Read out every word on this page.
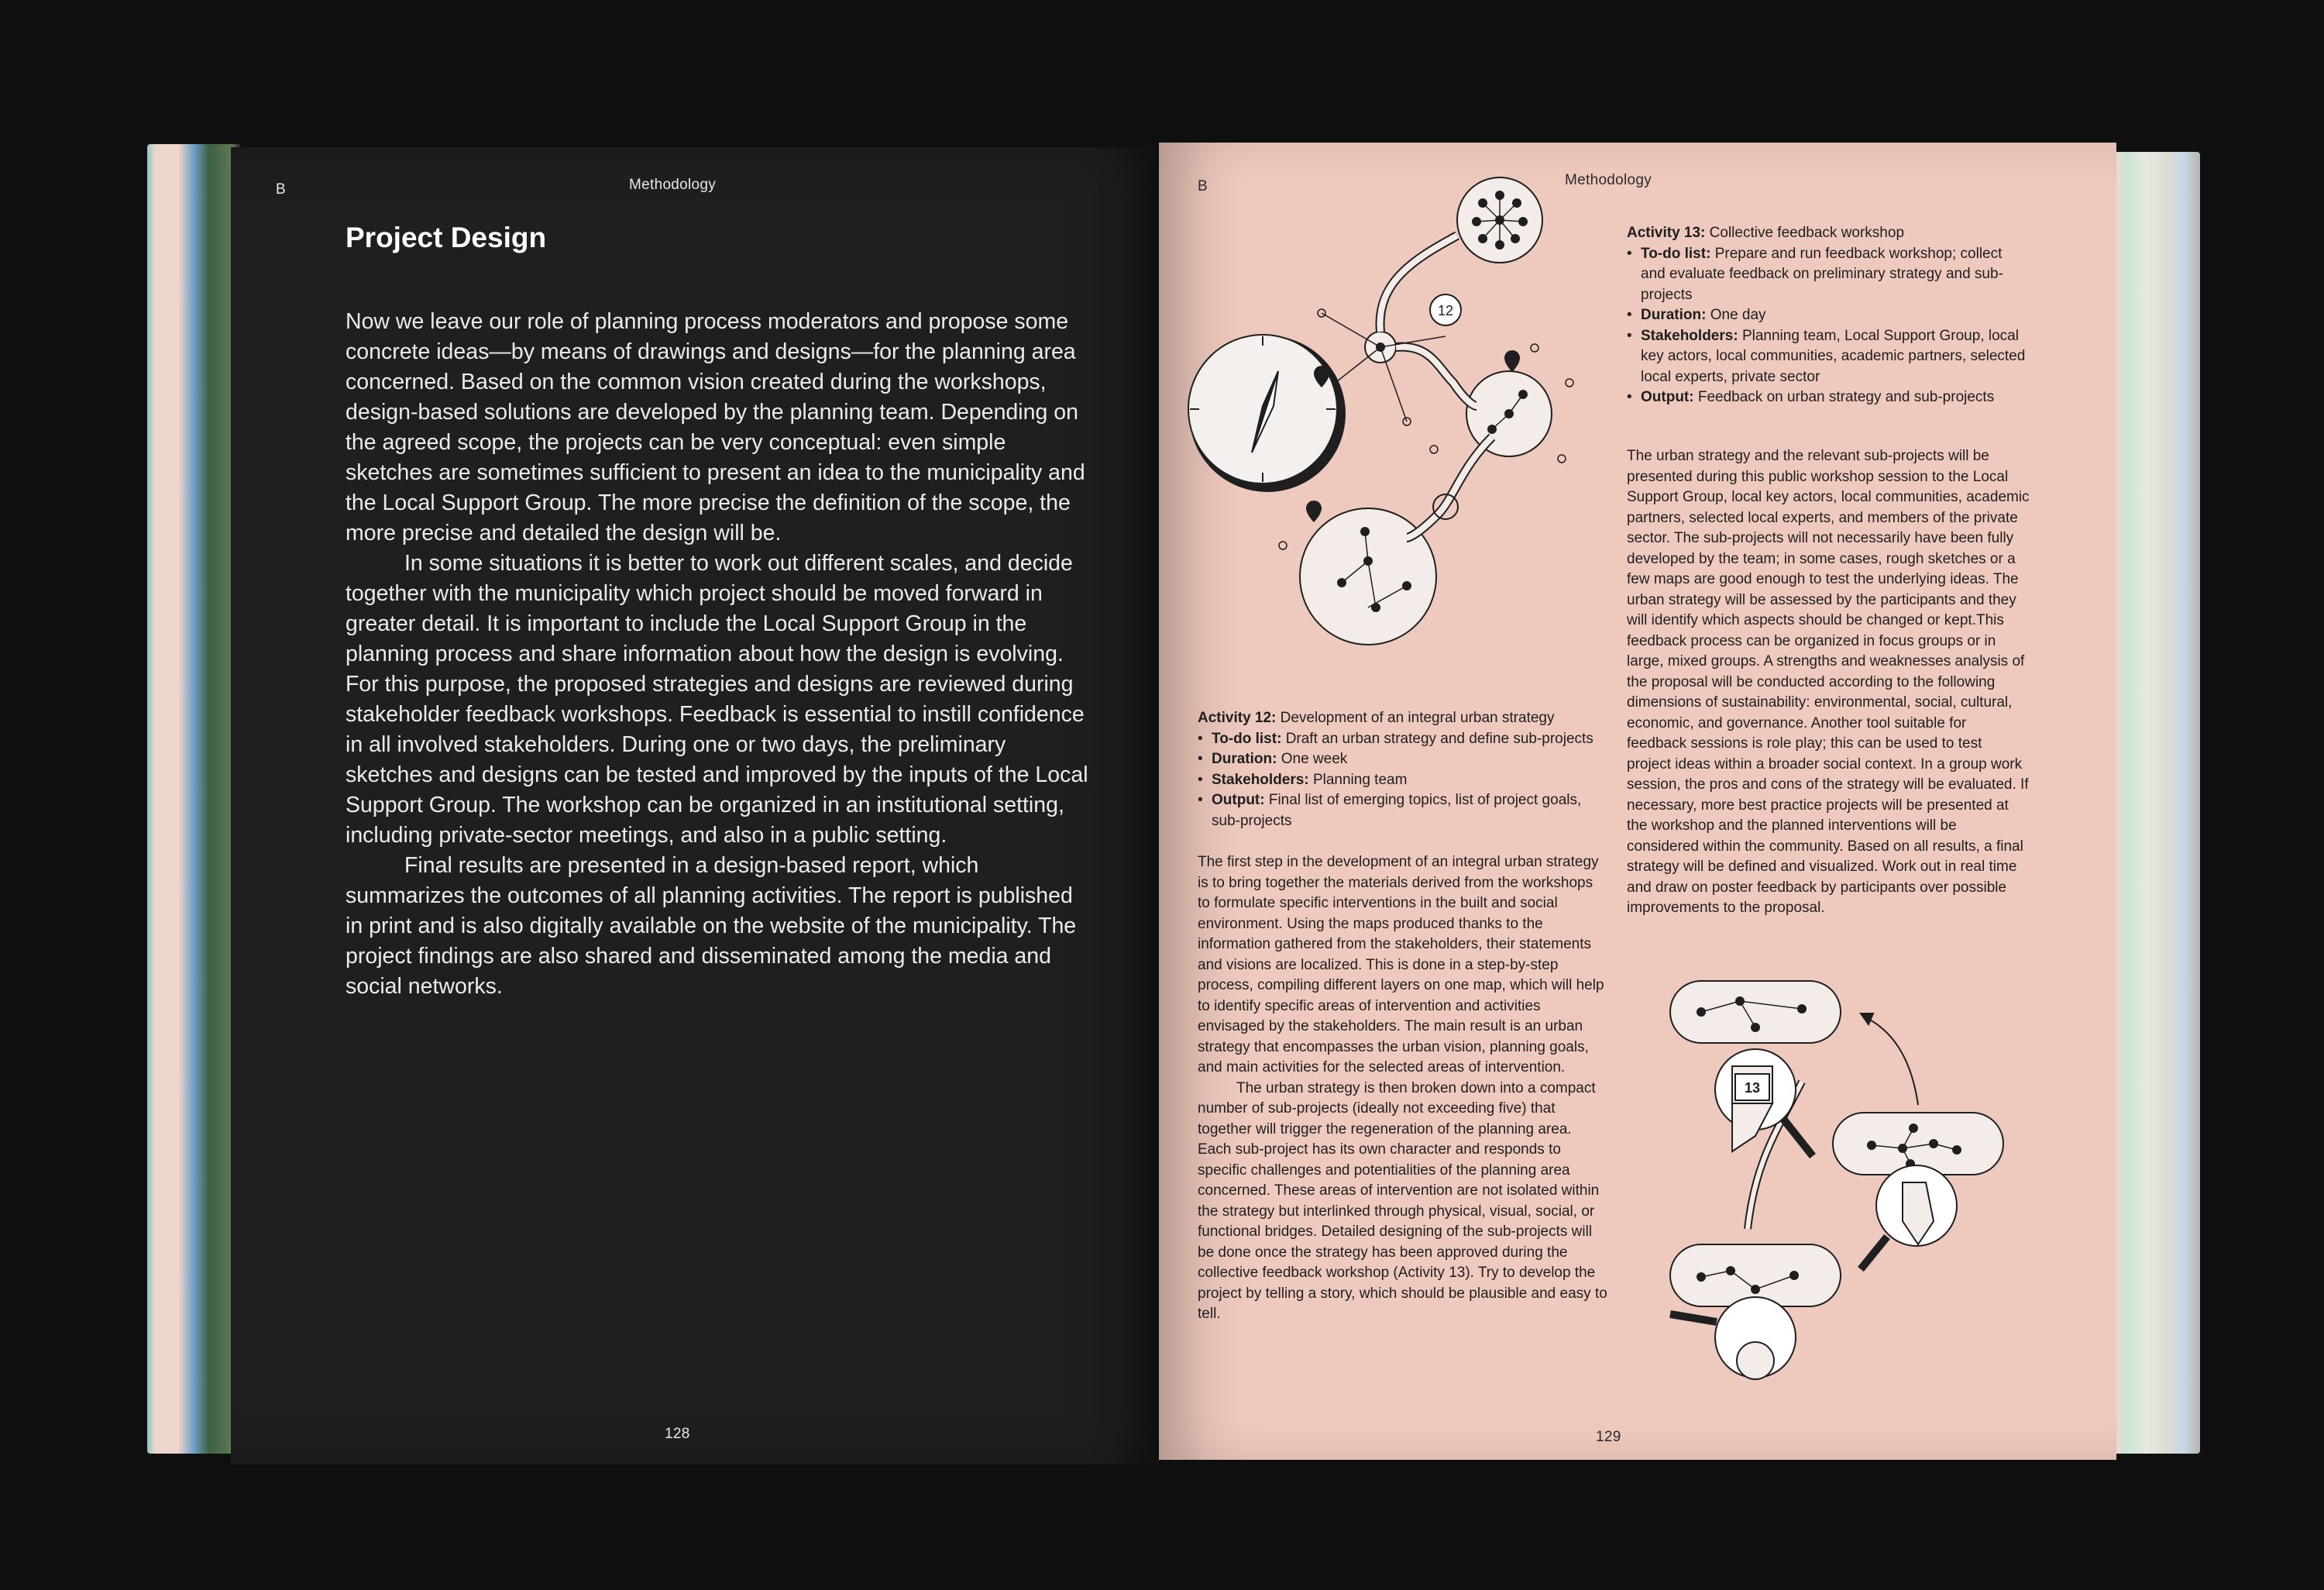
B	Methodology
Project Design

Now we leave our role of planning process moderators and propose some concrete ideas—by means of drawings and designs—for the planning area concerned. Based on the common vision created during the workshops, design-based solutions are developed by the planning team. Depending on the agreed scope, the projects can be very conceptual: even simple sketches are sometimes sufficient to present an idea to the municipality and the Local Support Group. The more precise the definition of the scope, the more precise and detailed the design will be.

In some situations it is better to work out different scales, and decide together with the municipality which project should be moved forward in greater detail. It is important to include the Local Support Group in the planning process and share information about how the design is evolving. For this purpose, the proposed strategies and designs are reviewed during stakeholder feedback workshops. Feedback is essential to instill confidence in all involved stakeholders. During one or two days, the preliminary sketches and designs can be tested and improved by the inputs of the Local Support Group. The workshop can be organized in an institutional setting, including private-sector meetings, and also in a public setting.

Final results are presented in a design-based report, which summarizes the outcomes of all planning activities. The report is published in print and is also digitally available on the website of the municipality. The project findings are also shared and disseminated among the media and social networks.

128
B	Methodology
12

Activity 13: Collective feedback workshop

• To-do list: Prepare and run feedback workshop; collect and evaluate feedback on preliminary strategy and sub-projects
• Duration: One day
• Stakeholders: Planning team, Local Support Group, local key actors, local communities, academic partners, selected local experts, private sector
• Output: Feedback on urban strategy and sub-projects

The urban strategy and the relevant sub-projects will be presented during this public workshop session to the Local Support Group, local key actors, local communities, academic partners, selected local experts, and members of the private sector. The sub-projects will not necessarily have been fully developed by the team; in some cases, rough sketches or a few maps are good enough to test the underlying ideas. The urban strategy will be assessed by the participants and they will identify which aspects should be changed or kept.This feedback process can be organized in focus groups or in large, mixed groups. A strengths and weaknesses analysis of the proposal will be conducted according to the following dimensions of sustainability: environmental, social, cultural, economic, and governance. Another tool suitable for feedback sessions is role play; this can be used to test project ideas within a broader social context. In a group work session, the pros and cons of the strategy will be evaluated. If necessary, more best practice projects will be presented at the workshop and the planned interventions will be considered within the community. Based on all results, a final strategy will be defined and visualized. Work out in real time and draw on poster feedback by participants over possible improvements to the proposal.

Activity 12: Development of an integral urban strategy

• To-do list: Draft an urban strategy and define sub-projects
• Duration: One week
• Stakeholders: Planning team
• Output: Final list of emerging topics, list of project goals, sub-projects

The first step in the development of an integral urban strategy is to bring together the materials derived from the workshops to formulate specific interventions in the built and social environment. Using the maps produced thanks to the information gathered from the stakeholders, their statements and visions are localized. This is done in a step-by-step process, compiling different layers on one map, which will help to identify specific areas of intervention and activities envisaged by the stakeholders. The main result is an urban strategy that encompasses the urban vision, planning goals, and main activities for the selected areas of intervention.

The urban strategy is then broken down into a compact number of sub-projects (ideally not exceeding five) that together will trigger the regeneration of the planning area. Each sub-project has its own character and responds to specific challenges and potentialities of the planning area concerned. These areas of intervention are not isolated within the strategy but interlinked through physical, visual, social, or functional bridges. Detailed designing of the sub-projects will be done once the strategy has been approved during the collective feedback workshop (Activity 13). Try to develop the project by telling a story, which should be plausible and easy to tell.

13
129
